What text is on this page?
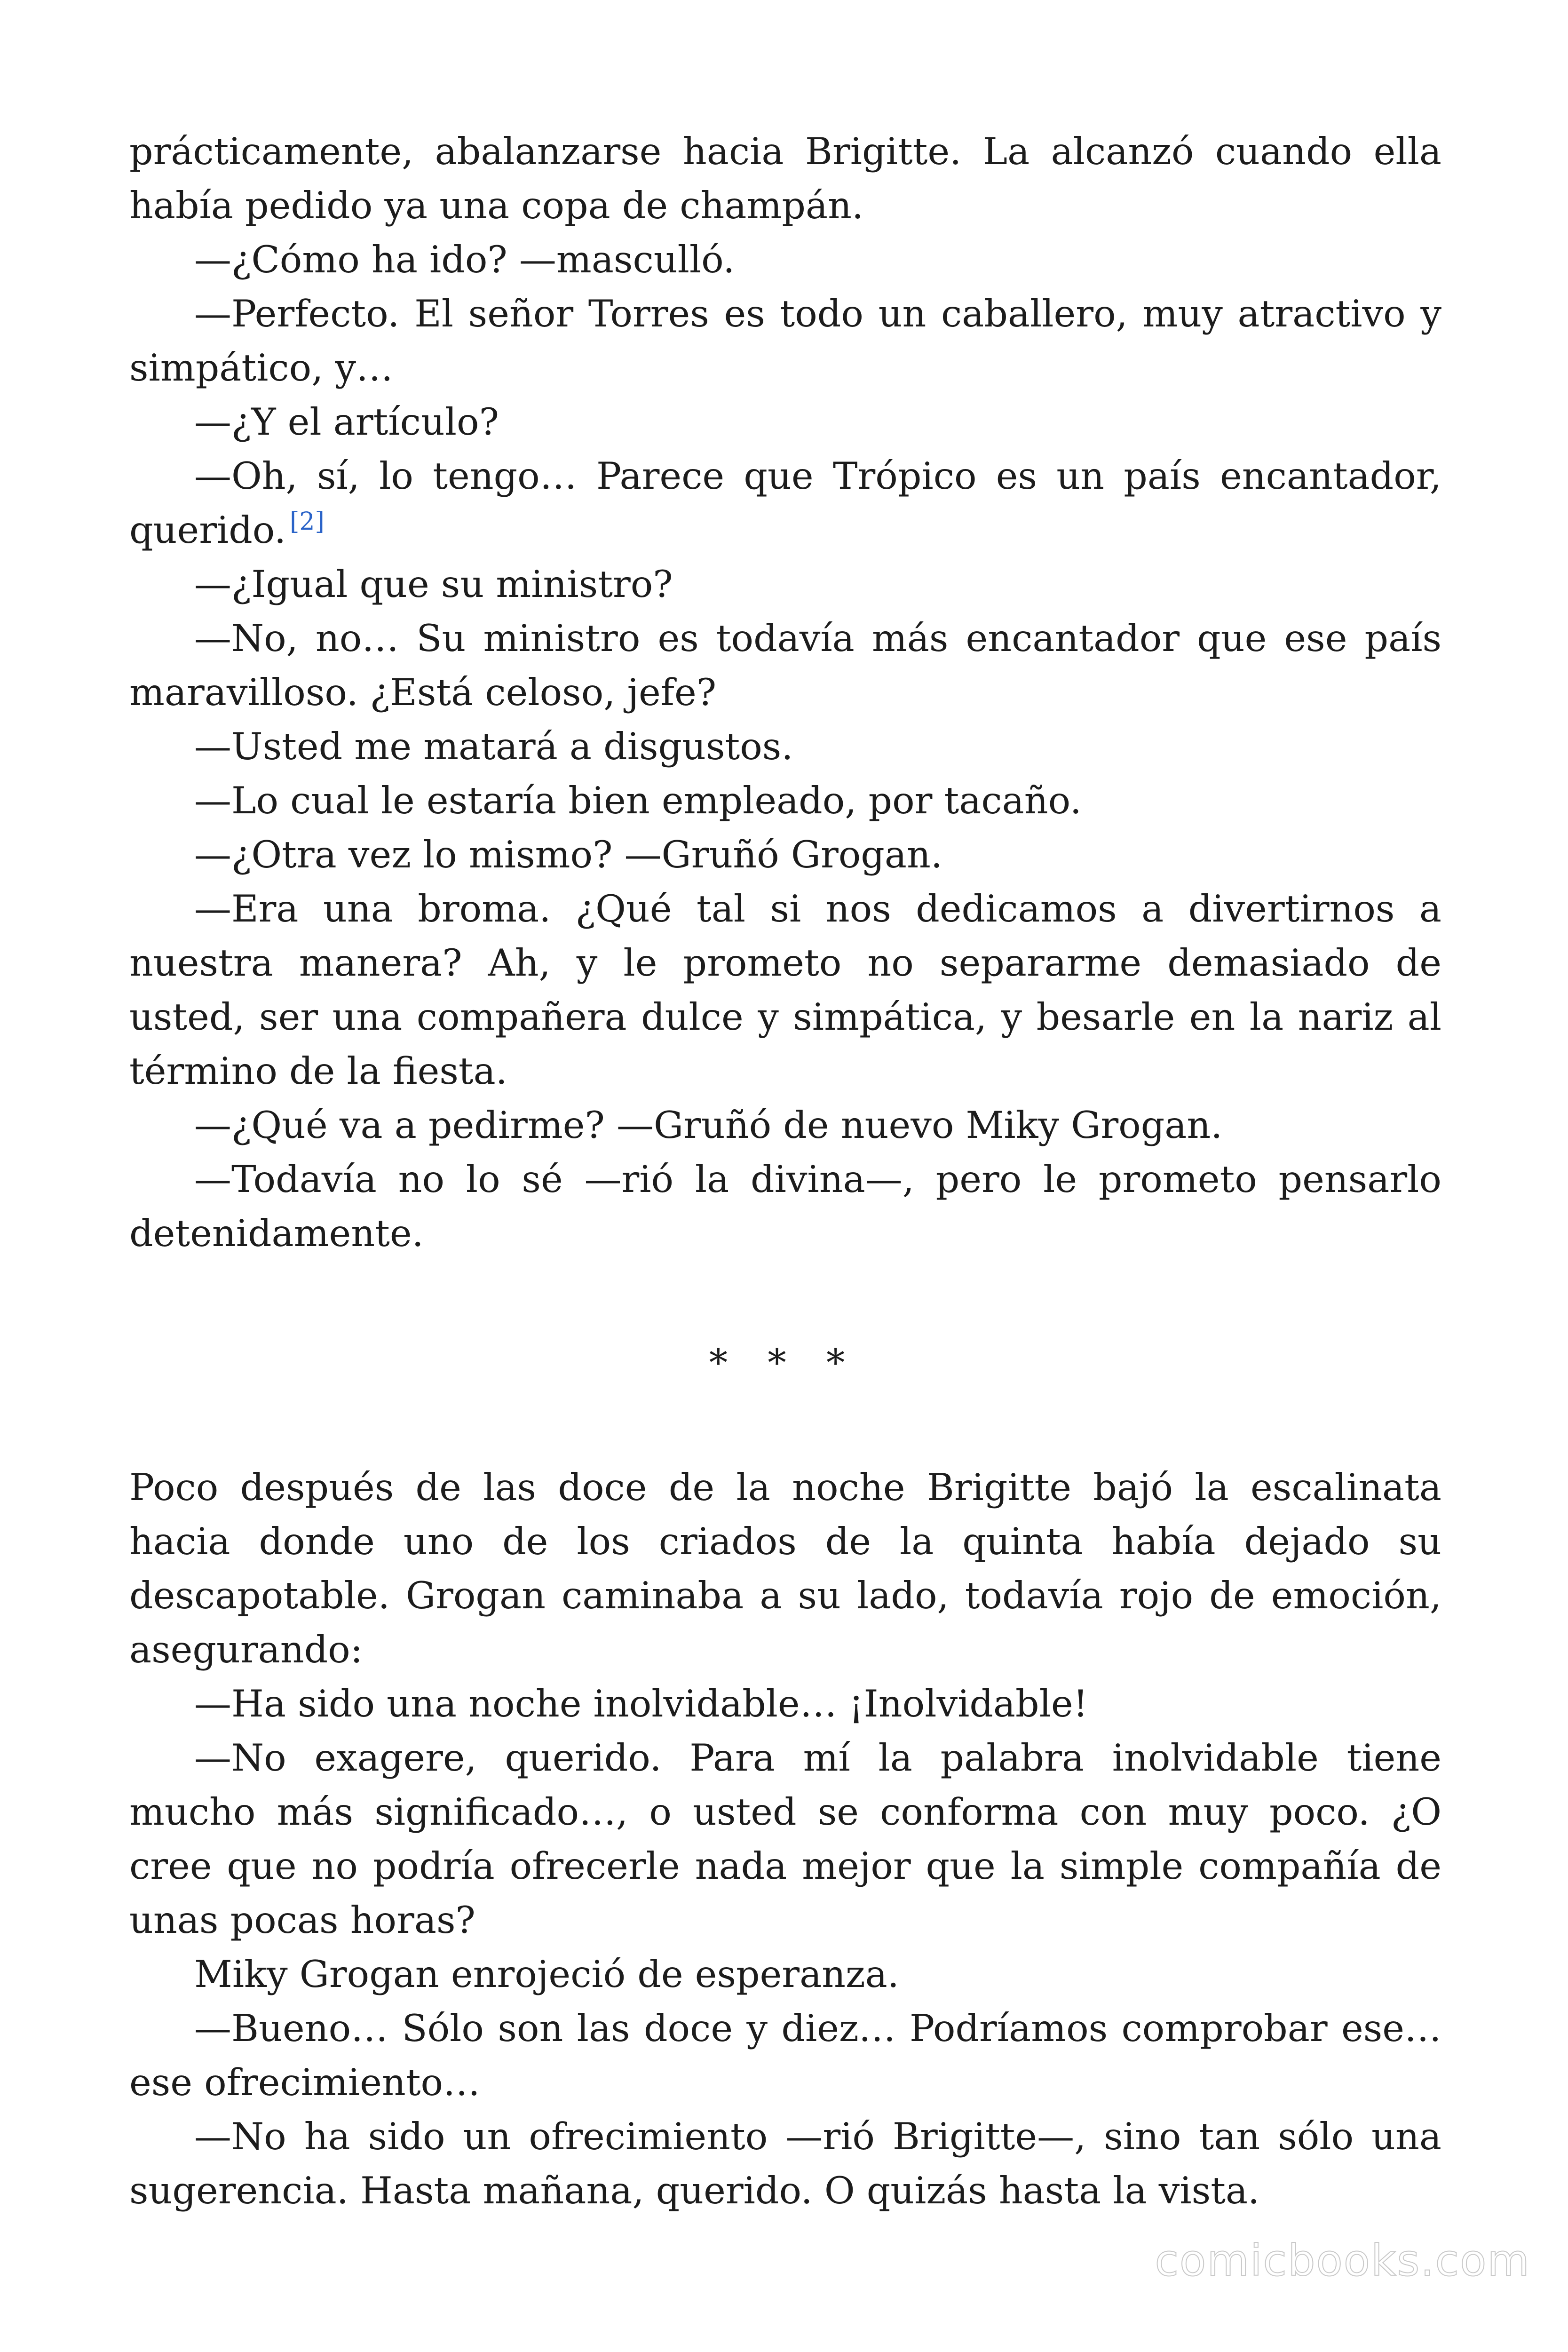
prácticamente, abalanzarse hacia Brigitte. La alcanzó cuando ella había pedido ya una copa de champán.

—¿Cómo ha ido? —masculló.

—Perfecto. El señor Torres es todo un caballero, muy atractivo y simpático, y…

—¿Y el artículo?

—Oh, sí, lo tengo… Parece que Trópico es un país encantador, querido. [2]

—¿Igual que su ministro?

—No, no… Su ministro es todavía más encantador que ese país maravilloso. ¿Está celoso, jefe?

—Usted me matará a disgustos.

—Lo cual le estaría bien empleado, por tacaño.

—¿Otra vez lo mismo? —Gruñó Grogan.

—Era una broma. ¿Qué tal si nos dedicamos a divertirnos a nuestra manera? Ah, y le prometo no separarme demasiado de usted, ser una compañera dulce y simpática, y besarle en la nariz al término de la fiesta.

—¿Qué va a pedirme? —Gruñó de nuevo Miky Grogan.

—Todavía no lo sé —rió la divina—, pero le prometo pensarlo detenidamente.

* * *

Poco después de las doce de la noche Brigitte bajó la escalinata hacia donde uno de los criados de la quinta había dejado su descapotable. Grogan caminaba a su lado, todavía rojo de emoción, asegurando:

—Ha sido una noche inolvidable… ¡Inolvidable!

—No exagere, querido. Para mí la palabra inolvidable tiene mucho más significado…, o usted se conforma con muy poco. ¿O cree que no podría ofrecerle nada mejor que la simple compañía de unas pocas horas?

Miky Grogan enrojeció de esperanza.

—Bueno… Sólo son las doce y diez… Podríamos comprobar ese… ese ofrecimiento…

—No ha sido un ofrecimiento —rió Brigitte—, sino tan sólo una sugerencia. Hasta mañana, querido. O quizás hasta la vista.

comicbooks.com
